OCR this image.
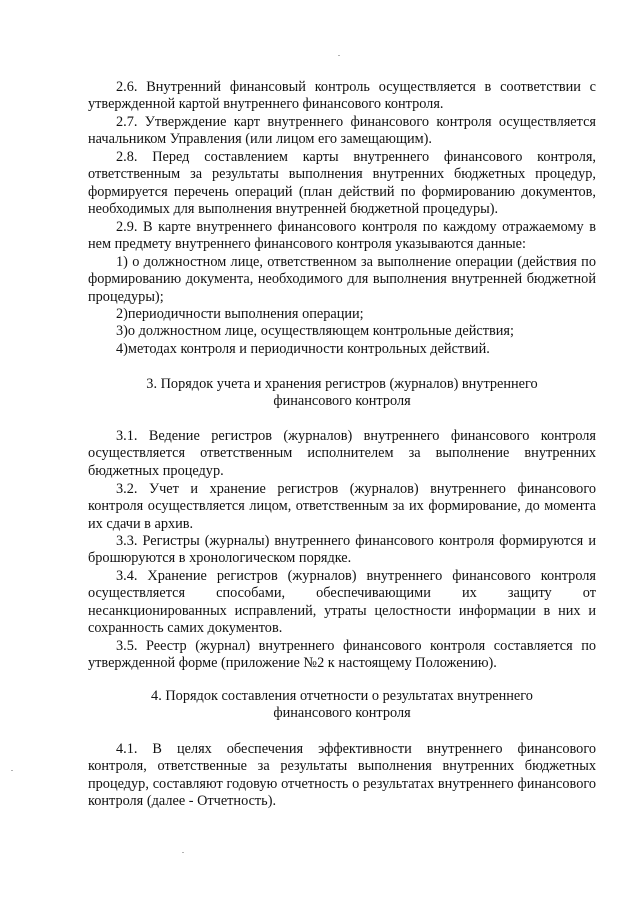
2.6. Внутренний финансовый контроль осуществляется в соответствии с
утвержденной картой внутреннего финансового контроля.

2.7. Утверждение карт внутреннего финансового контроля осуществляется
начальником Управления (или лицом его замещающим).

2.8. Перед составлением карты внутреннего финансового контроля,
ответственным за результаты выполнения внутренних бюджетных процедур,
формируется перечень операций (план действий по формированию документов,
необходимых для выполнения внутренней бюджетной процедуры).

2.9. В карте внутреннего финансового контроля по каждому отражаемому в
нем предмету внутреннего финансового контроля указываются данные:

1) о должностном лице, ответственном за выполнение операции (действия по
формированию документа, необходимого для выполнения внутренней бюджетной
процедуры);

2)периодичности выполнения операции;

3)о должностном лице, осуществляющем контрольные действия;

4)методах контроля и периодичности контрольных действий.

3. Порядок учета и хранения регистров (журналов) внутреннего
финансового контроля

3.1. Ведение регистров (журналов) внутреннего финансового контроля
осуществляется ответственным исполнителем за выполнение внутренних
бюджетных процедур.

3.2. Учет и хранение регистров (журналов) внутреннего финансового
контроля осуществляется лицом, ответственным за их формирование, до момента
их сдачи в архив.

3.3. Регистры (журналы) внутреннего финансового контроля формируются и
брошюруются в хронологическом порядке.

3.4. Хранение регистров (журналов) внутреннего финансового контроля
осуществляется способами, обеспечивающими их защиту от
несанкционированных исправлений, утраты целостности информации в них и
сохранность самих документов.

3.5. Реестр (журнал) внутреннего финансового контроля составляется по
утвержденной форме (приложение №2 к настоящему Положению).

4. Порядок составления отчетности о результатах внутреннего
финансового контроля

4.1. В целях обеспечения эффективности внутреннего финансового
контроля, ответственные за результаты выполнения внутренних бюджетных
процедур, составляют годовую отчетность о результатах внутреннего финансового
контроля (далее - Отчетность).
